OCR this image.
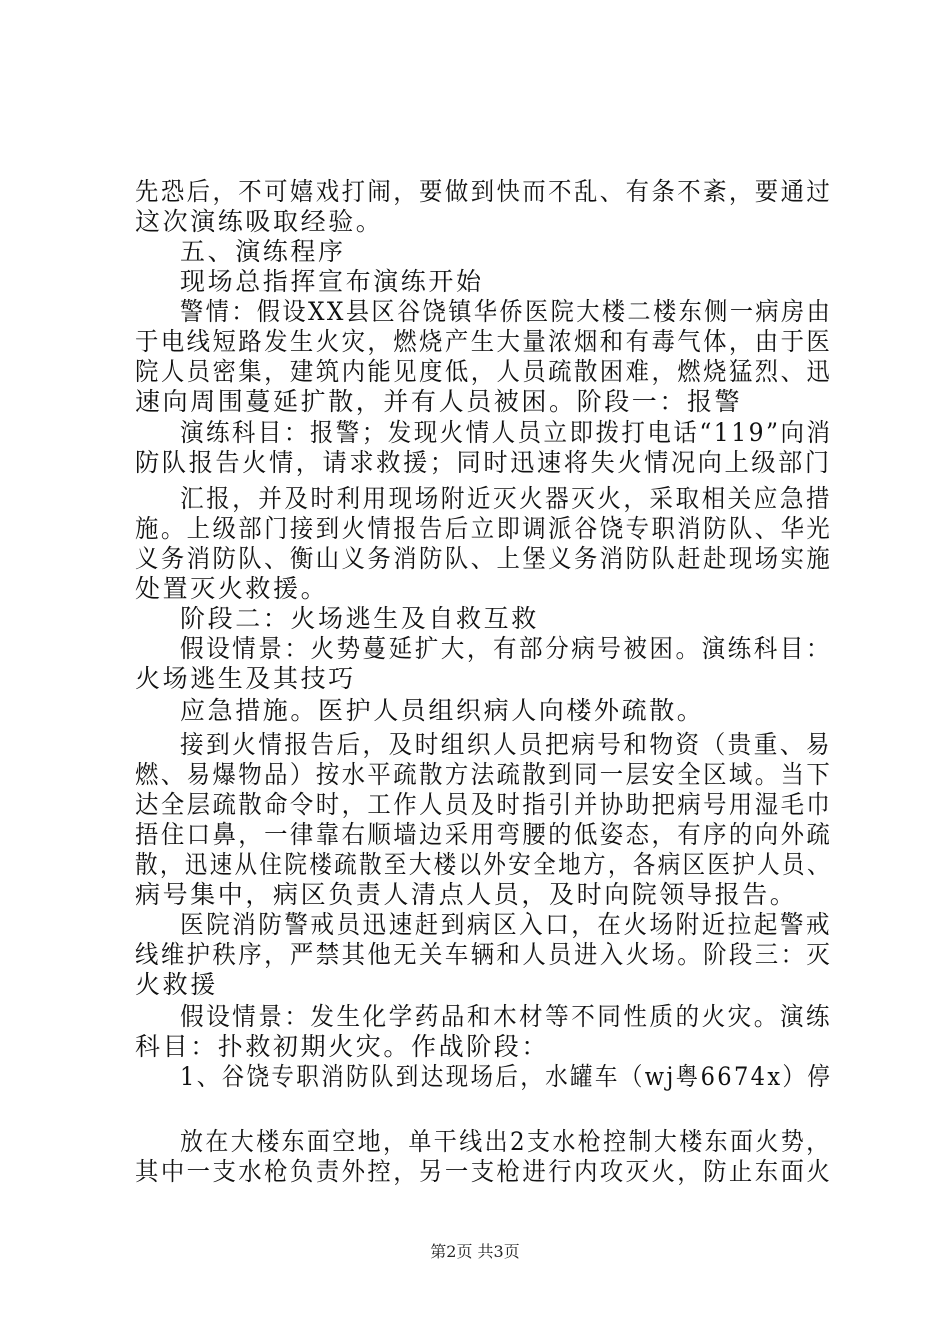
先恐后，不可嬉戏打闹，要做到快而不乱、有条不紊，要通过
这次演练吸取经验。
五、演练程序
现场总指挥宣布演练开始
警情：假设XX县区谷饶镇华侨医院大楼二楼东侧一病房由
于电线短路发生火灾，燃烧产生大量浓烟和有毒气体，由于医
院人员密集，建筑内能见度低，人员疏散困难，燃烧猛烈、迅
速向周围蔓延扩散，并有人员被困。阶段一：报警
演练科目：报警；发现火情人员立即拨打电话“119”向消
防队报告火情，请求救援；同时迅速将失火情况向上级部门
汇报，并及时利用现场附近灭火器灭火，采取相关应急措
施。上级部门接到火情报告后立即调派谷饶专职消防队、华光
义务消防队、衡山义务消防队、上堡义务消防队赶赴现场实施
处置灭火救援。
阶段二：火场逃生及自救互救
假设情景：火势蔓延扩大，有部分病号被困。演练科目：
火场逃生及其技巧
应急措施。医护人员组织病人向楼外疏散。
接到火情报告后，及时组织人员把病号和物资（贵重、易
燃、易爆物品）按水平疏散方法疏散到同一层安全区域。当下
达全层疏散命令时，工作人员及时指引并协助把病号用湿毛巾
捂住口鼻，一律靠右顺墙边采用弯腰的低姿态，有序的向外疏
散，迅速从住院楼疏散至大楼以外安全地方，各病区医护人员、
病号集中，病区负责人清点人员，及时向院领导报告。
医院消防警戒员迅速赶到病区入口，在火场附近拉起警戒
线维护秩序，严禁其他无关车辆和人员进入火场。阶段三：灭
火救援
假设情景：发生化学药品和木材等不同性质的火灾。演练
科目：扑救初期火灾。作战阶段：
1、谷饶专职消防队到达现场后，水罐车（wj粤6674x）停
放在大楼东面空地，单干线出2支水枪控制大楼东面火势，
其中一支水枪负责外控，另一支枪进行内攻灭火，防止东面火
第2页 共3页
